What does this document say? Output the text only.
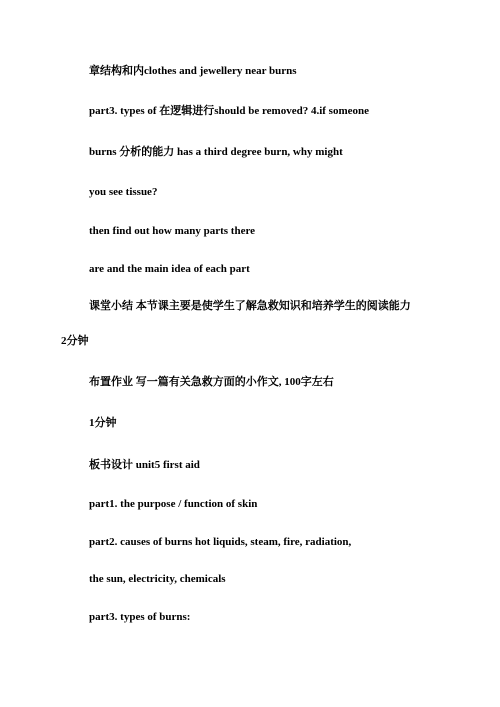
章结构和内clothes and jewellery near burns
part3. types of 在逻辑进行should be removed? 4.if someone
burns 分析的能力 has a third degree burn, why might
you see tissue?
then find out how many parts there
are and the main idea of each part
课堂小结 本节课主要是使学生了解急救知识和培养学生的阅读能力
2分钟
布置作业 写一篇有关急救方面的小作文, 100字左右
1分钟
板书设计 unit5 first aid
part1. the purpose / function of skin
part2. causes of burns hot liquids, steam, fire, radiation,
the sun, electricity, chemicals
part3. types of burns:
